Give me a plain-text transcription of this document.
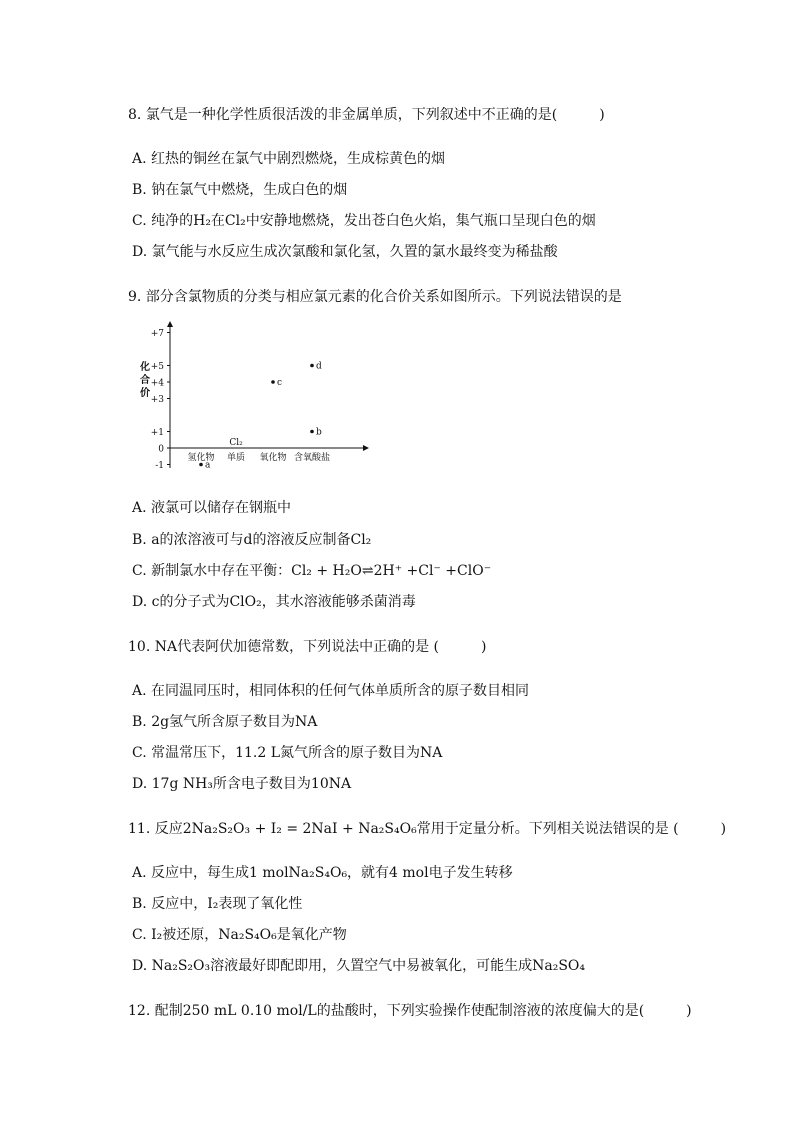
8. 氯气是一种化学性质很活泼的非金属单质，下列叙述中不正确的是(　　　)
A. 红热的铜丝在氯气中剧烈燃烧，生成棕黄色的烟
B. 钠在氯气中燃烧，生成白色的烟
C. 纯净的H₂在Cl₂中安静地燃烧，发出苍白色火焰，集气瓶口呈现白色的烟
D. 氯气能与水反应生成次氯酸和氯化氢，久置的氯水最终变为稀盐酸
9. 部分含氯物质的分类与相应氯元素的化合价关系如图所示。下列说法错误的是
+7
+5
+4
+3
+1
0
-1
氢化物 单质 氧化物 含氧酸盐
a
Cl₂
c
d
b
化合价
A. 液氯可以储存在钢瓶中
B. a的浓溶液可与d的溶液反应制备Cl₂
C. 新制氯水中存在平衡：Cl₂ + H₂O⇌2H⁺ +Cl⁻ +ClO⁻
D. c的分子式为ClO₂，其水溶液能够杀菌消毒
10. NA代表阿伏加德常数，下列说法中正确的是 (　　　)
A. 在同温同压时，相同体积的任何气体单质所含的原子数目相同
B. 2g氢气所含原子数目为NA
C. 常温常压下，11.2 L氮气所含的原子数目为NA
D. 17g NH₃所含电子数目为10NA
11. 反应2Na₂S₂O₃ + I₂ = 2NaI + Na₂S₄O₆常用于定量分析。下列相关说法错误的是 (　　　)
A. 反应中，每生成1 molNa₂S₄O₆，就有4 mol电子发生转移
B. 反应中，I₂表现了氧化性
C. I₂被还原，Na₂S₄O₆是氧化产物
D. Na₂S₂O₃溶液最好即配即用，久置空气中易被氧化，可能生成Na₂SO₄
12. 配制250 mL 0.10 mol/L的盐酸时，下列实验操作使配制溶液的浓度偏大的是(　　　)
